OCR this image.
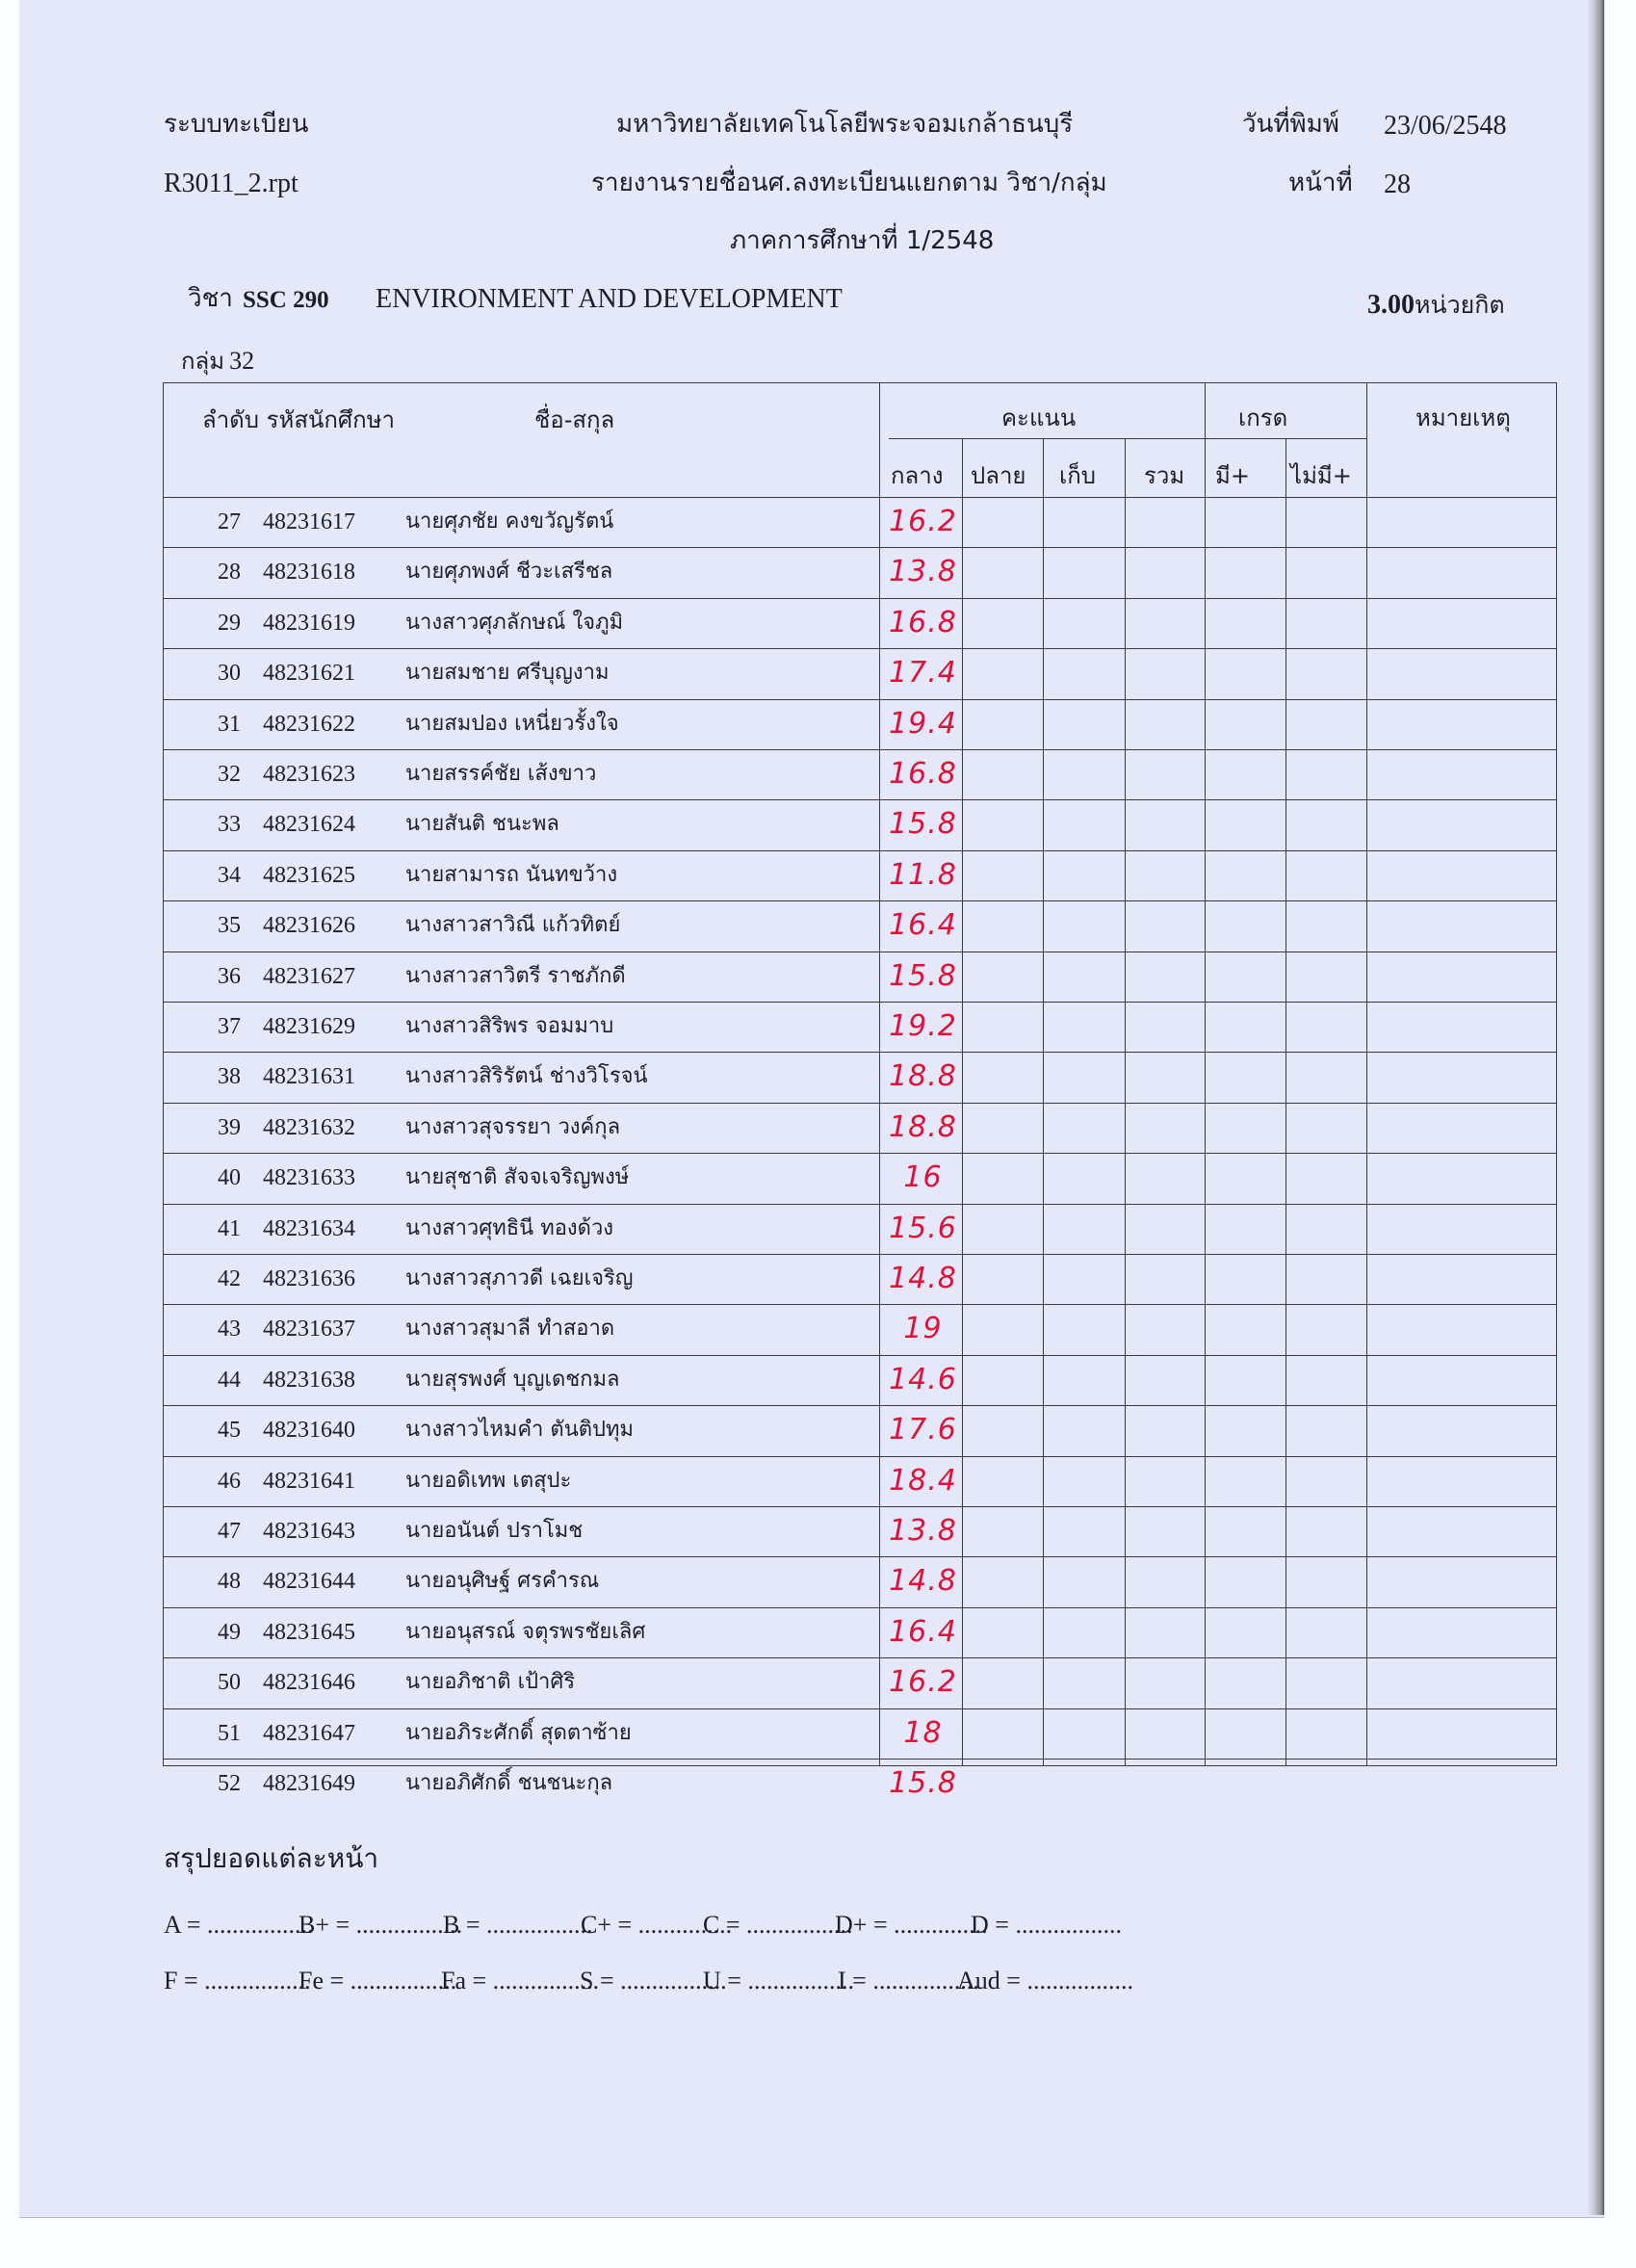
ระบบทะเบียน
R3011_2.rpt
มหาวิทยาลัยเทคโนโลยีพระจอมเกล้าธนบุรี
รายงานรายชื่อนศ.ลงทะเบียนแยกตาม วิชา/กลุ่ม
ภาคการศึกษาที่ 1/2548
วันที่พิมพ์ 23/06/2548
หน้าที่ 28
วิชา SSC 290 ENVIRONMENT AND DEVELOPMENT	3.00หน่วยกิต
กลุ่ม 32
ลำดับ รหัสนักศึกษา	ชื่อ-สกุล	คะแนน	เกรด	หมายเหตุ
กลาง ปลาย เก็บ รวม มี+ ไม่มี+
27 48231617 นายศุภชัย คงขวัญรัตน์	16.2
28 48231618 นายศุภพงศ์ ชีวะเสรีชล	13.8
29 48231619 นางสาวศุภลักษณ์ ใจภูมิ	16.8
30 48231621 นายสมชาย ศรีบุญงาม	17.4
31 48231622 นายสมปอง เหนี่ยวรั้งใจ	19.4
32 48231623 นายสรรค์ชัย เส้งขาว	16.8
33 48231624 นายสันติ ชนะพล	15.8
34 48231625 นายสามารถ นันทขว้าง	11.8
35 48231626 นางสาวสาวิณี แก้วทิตย์	16.4
36 48231627 นางสาวสาวิตรี ราชภักดี	15.8
37 48231629 นางสาวสิริพร จอมมาบ	19.2
38 48231631 นางสาวสิริรัตน์ ช่างวิโรจน์	18.8
39 48231632 นางสาวสุจรรยา วงค์กุล	18.8
40 48231633 นายสุชาติ สัจจเจริญพงษ์	16
41 48231634 นางสาวศุทธินี ทองด้วง	15.6
42 48231636 นางสาวสุภาวดี เฉยเจริญ	14.8
43 48231637 นางสาวสุมาลี ทำสอาด	19
44 48231638 นายสุรพงศ์ บุญเดชกมล	14.6
45 48231640 นางสาวไหมคำ ตันติปทุม	17.6
46 48231641 นายอดิเทพ เตสุปะ	18.4
47 48231643 นายอนันต์ ปราโมช	13.8
48 48231644 นายอนุศิษฐ์ ศรคำรณ	14.8
49 48231645 นายอนุสรณ์ จตุรพรชัยเลิศ	16.4
50 48231646 นายอภิชาติ เป้าศิริ	16.2
51 48231647 นายอภิระศักดิ์ สุดตาซ้าย	18
52 48231649 นายอภิศักดิ์ ชนชนะกุล	15.8
สรุปยอดแต่ละหน้า
A = .................
B+ = .................
B = .................
C+ = ...............
C = .................
D+ = ...............
D = .................
F = .................
Fe = .................
Fa = .................
S = .................
U = .................
I = .................
Aud = .................
